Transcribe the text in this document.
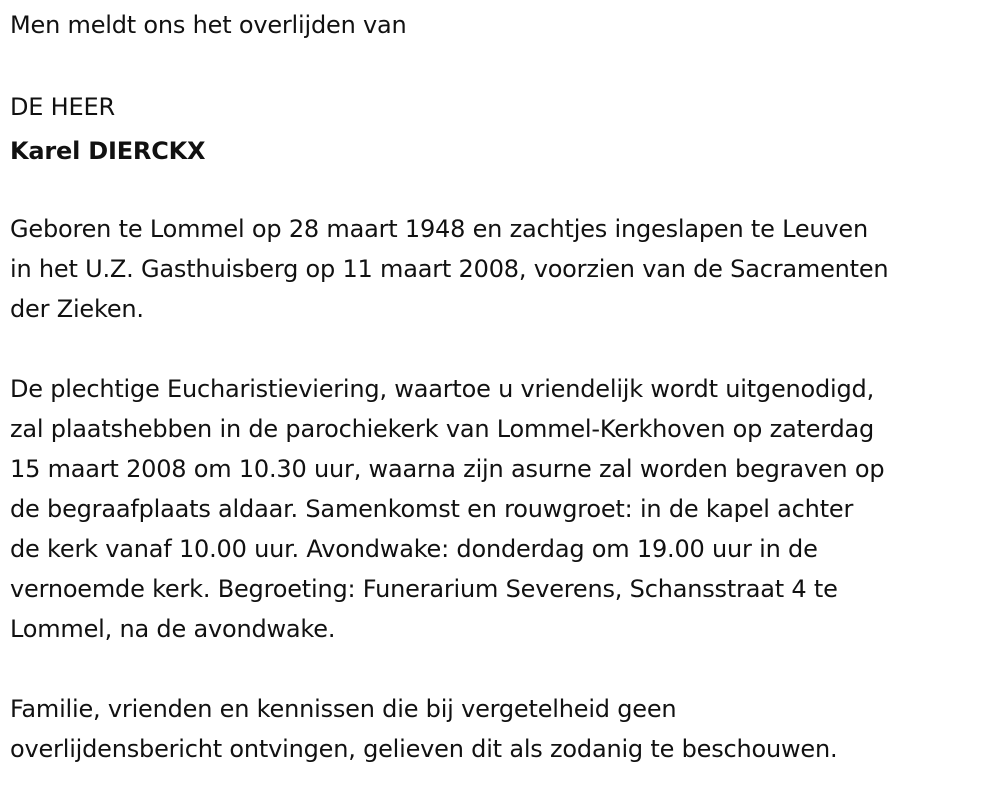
Men meldt ons het overlijden van
DE HEER
Karel DIERCKX
Geboren te Lommel op 28 maart 1948 en zachtjes ingeslapen te Leuven
in het U.Z. Gasthuisberg op 11 maart 2008, voorzien van de Sacramenten
der Zieken.
De plechtige Eucharistieviering, waartoe u vriendelijk wordt uitgenodigd,
zal plaatshebben in de parochiekerk van Lommel-Kerkhoven op zaterdag
15 maart 2008 om 10.30 uur, waarna zijn asurne zal worden begraven op
de begraafplaats aldaar. Samenkomst en rouwgroet: in de kapel achter
de kerk vanaf 10.00 uur. Avondwake: donderdag om 19.00 uur in de
vernoemde kerk. Begroeting: Funerarium Severens, Schansstraat 4 te
Lommel, na de avondwake.
Familie, vrienden en kennissen die bij vergetelheid geen
overlijdensbericht ontvingen, gelieven dit als zodanig te beschouwen.
